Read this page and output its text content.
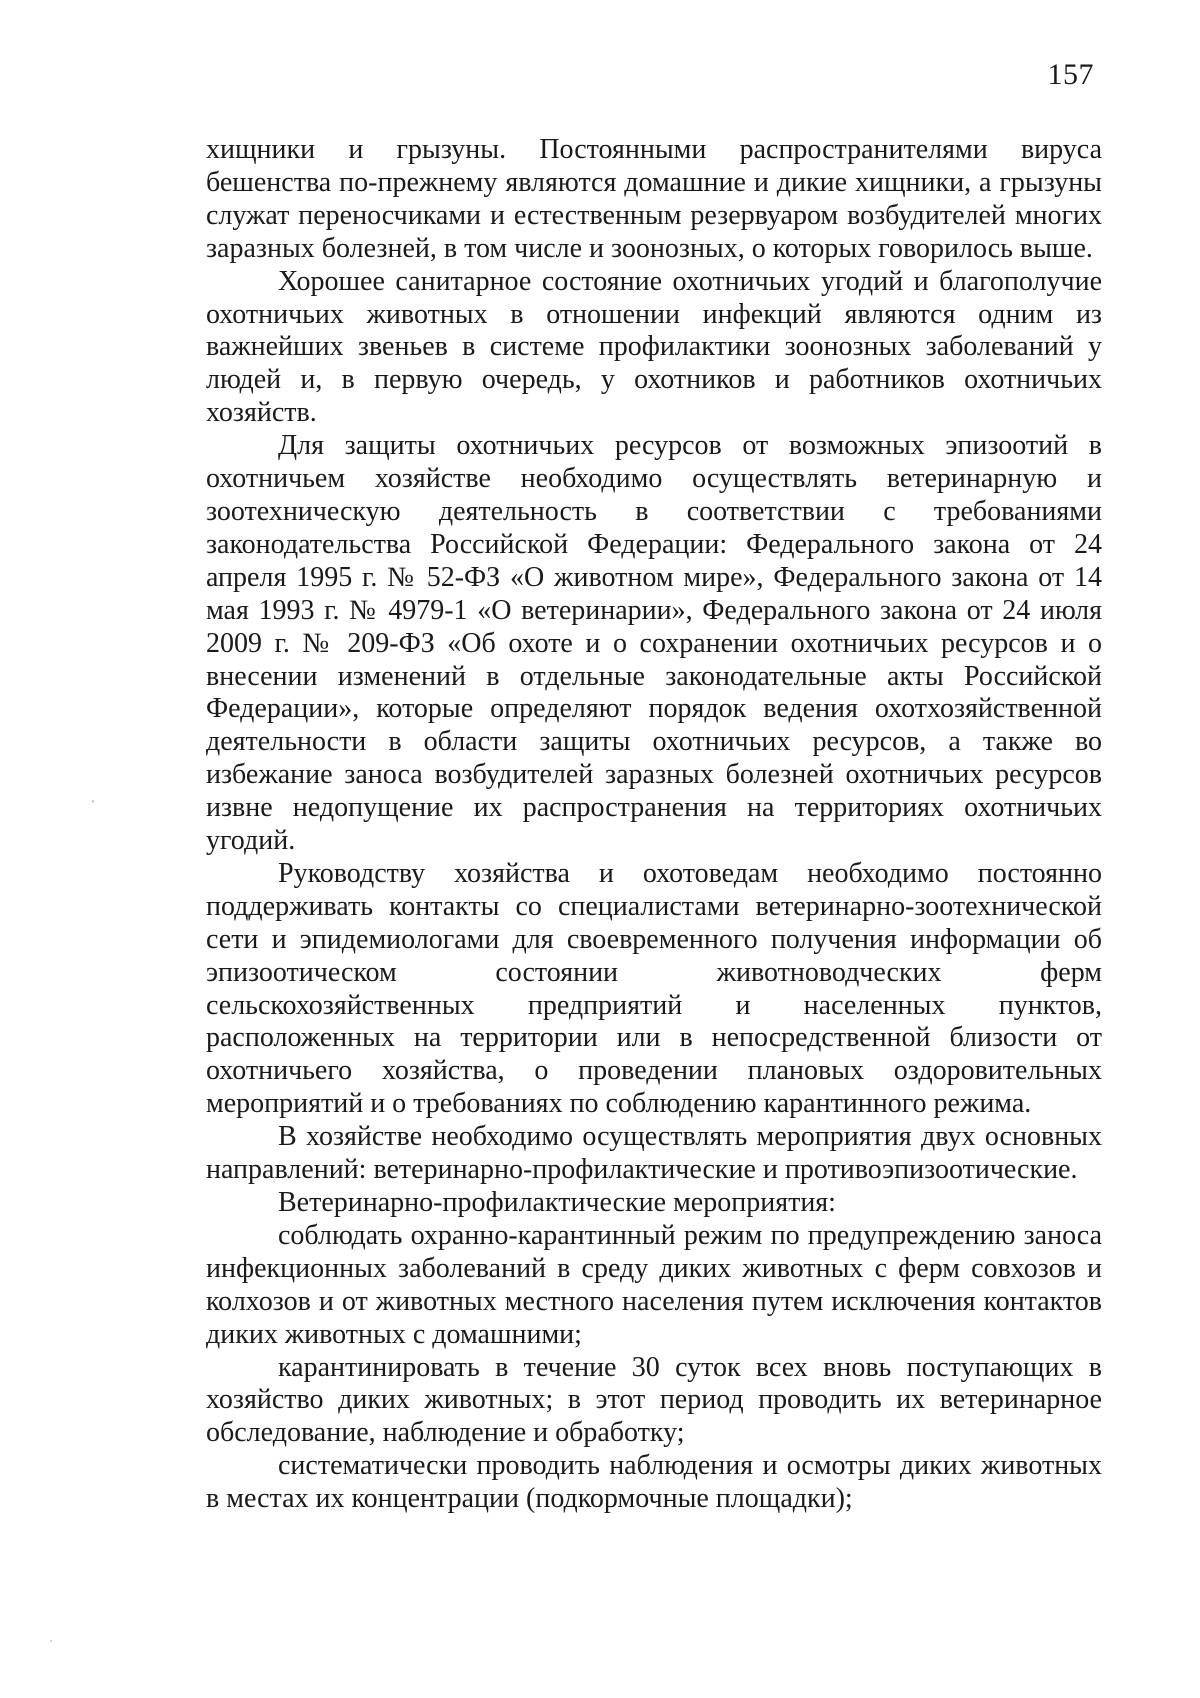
157

хищники и грызуны. Постоянными распространителями вируса бешенства по-прежнему являются домашние и дикие хищники, а грызуны служат переносчиками и естественным резервуаром возбудителей многих заразных болезней, в том числе и зоонозных, о которых говорилось выше.

Хорошее санитарное состояние охотничьих угодий и благополучие охотничьих животных в отношении инфекций являются одним из важнейших звеньев в системе профилактики зоонозных заболеваний у людей и, в первую очередь, у охотников и работников охотничьих хозяйств.

Для защиты охотничьих ресурсов от возможных эпизоотий в охотничьем хозяйстве необходимо осуществлять ветеринарную и зоотехническую деятельность в соответствии с требованиями законодательства Российской Федерации: Федерального закона от 24 апреля 1995 г. № 52-ФЗ «О животном мире», Федерального закона от 14 мая 1993 г. № 4979-1 «О ветеринарии», Федерального закона от 24 июля 2009 г. № 209-ФЗ «Об охоте и о сохранении охотничьих ресурсов и о внесении изменений в отдельные законодательные акты Российской Федерации», которые определяют порядок ведения охотхозяйственной деятельности в области защиты охотничьих ресурсов, а также во избежание заноса возбудителей заразных болезней охотничьих ресурсов извне недопущение их распространения на территориях охотничьих угодий.

Руководству хозяйства и охотоведам необходимо постоянно поддерживать контакты со специалистами ветеринарно-зоотехнической сети и эпидемиологами для своевременного получения информации об эпизоотическом состоянии животноводческих ферм сельскохозяйственных предприятий и населенных пунктов, расположенных на территории или в непосредственной близости от охотничьего хозяйства, о проведении плановых оздоровительных мероприятий и о требованиях по соблюдению карантинного режима.

В хозяйстве необходимо осуществлять мероприятия двух основных направлений: ветеринарно-профилактические и противоэпизоотические.

Ветеринарно-профилактические мероприятия:

соблюдать охранно-карантинный режим по предупреждению заноса инфекционных заболеваний в среду диких животных с ферм совхозов и колхозов и от животных местного населения путем исключения контактов диких животных с домашними;

карантинировать в течение 30 суток всех вновь поступающих в хозяйство диких животных; в этот период проводить их ветеринарное обследование, наблюдение и обработку;

систематически проводить наблюдения и осмотры диких животных в местах их концентрации (подкормочные площадки);
